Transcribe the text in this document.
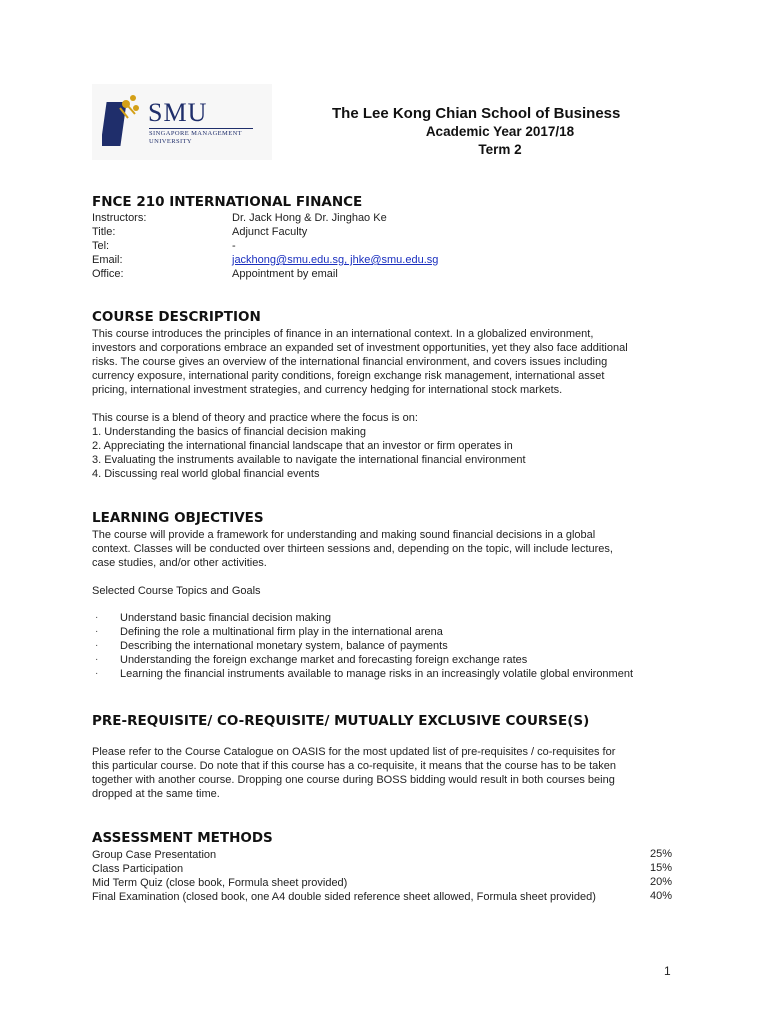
SMU
SINGAPORE MANAGEMENT
UNIVERSITY
The Lee Kong Chian School of Business
Academic Year 2017/18
Term 2
FNCE 210 INTERNATIONAL FINANCE
Instructors:	Dr. Jack Hong & Dr. Jinghao Ke
Title:	Adjunct Faculty
Tel:	-
Email:	jackhong@smu.edu.sg, jhke@smu.edu.sg
Office:	Appointment by email
COURSE DESCRIPTION
This course introduces the principles of finance in an international context. In a globalized environment,
investors and corporations embrace an expanded set of investment opportunities, yet they also face additional
risks. The course gives an overview of the international financial environment, and covers issues including
currency exposure, international parity conditions, foreign exchange risk management, international asset
pricing, international investment strategies, and currency hedging for international stock markets.
This course is a blend of theory and practice where the focus is on:
1. Understanding the basics of financial decision making
2. Appreciating the international financial landscape that an investor or firm operates in
3. Evaluating the instruments available to navigate the international financial environment
4. Discussing real world global financial events
LEARNING OBJECTIVES
The course will provide a framework for understanding and making sound financial decisions in a global
context. Classes will be conducted over thirteen sessions and, depending on the topic, will include lectures,
case studies, and/or other activities.
Selected Course Topics and Goals
· Understand basic financial decision making
· Defining the role a multinational firm play in the international arena
· Describing the international monetary system, balance of payments
· Understanding the foreign exchange market and forecasting foreign exchange rates
· Learning the financial instruments available to manage risks in an increasingly volatile global environment
PRE-REQUISITE/ CO-REQUISITE/ MUTUALLY EXCLUSIVE COURSE(S)
Please refer to the Course Catalogue on OASIS for the most updated list of pre-requisites / co-requisites for
this particular course. Do note that if this course has a co-requisite, it means that the course has to be taken
together with another course. Dropping one course during BOSS bidding would result in both courses being
dropped at the same time.
ASSESSMENT METHODS
Group Case Presentation	25%
Class Participation	15%
Mid Term Quiz (close book, Formula sheet provided)	20%
Final Examination (closed book, one A4 double sided reference sheet allowed, Formula sheet provided)	40%
1
